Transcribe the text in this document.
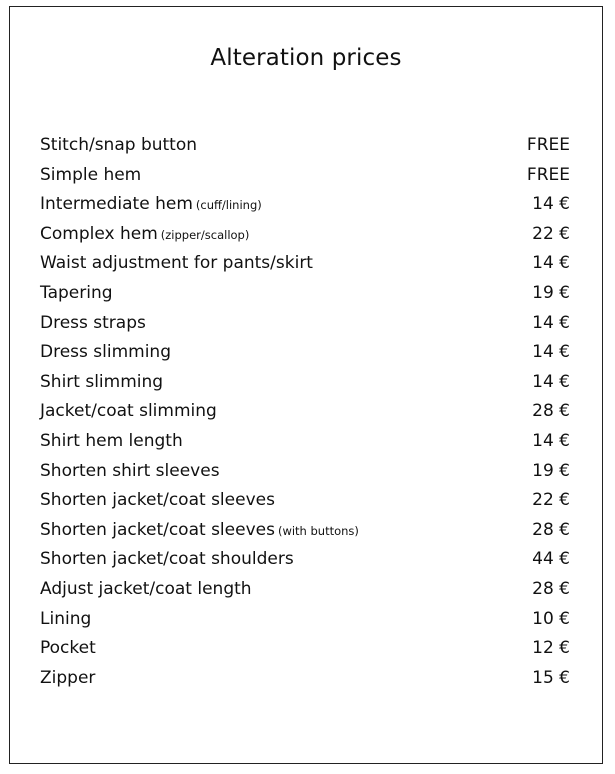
Alteration prices
Stitch/snap button	FREE
Simple hem	FREE
Intermediate hem (cuff/lining)	14 €
Complex hem (zipper/scallop)	22 €
Waist adjustment for pants/skirt	14 €
Tapering	19 €
Dress straps	14 €
Dress slimming	14 €
Shirt slimming	14 €
Jacket/coat slimming	28 €
Shirt hem length	14 €
Shorten shirt sleeves	19 €
Shorten jacket/coat sleeves	22 €
Shorten jacket/coat sleeves (with buttons)	28 €
Shorten jacket/coat shoulders	44 €
Adjust jacket/coat length	28 €
Lining	10 €
Pocket	12 €
Zipper	15 €
